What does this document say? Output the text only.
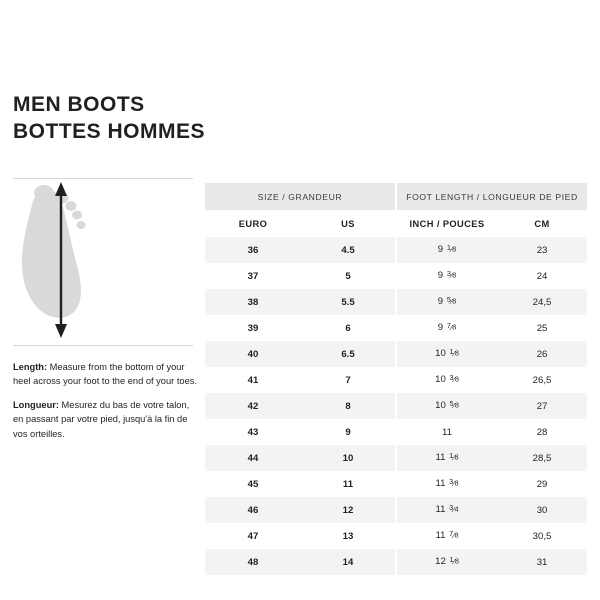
MEN BOOTS
BOTTES HOMMES

Length: Measure from the bottom of your heel across your foot to the end of your toes.

Longueur: Mesurez du bas de votre talon, en passant par votre pied, jusqu'à la fin de vos orteilles.

SIZE / GRANDEUR		FOOT LENGTH / LONGUEUR DE PIED	
EURO	US	INCH / POUCES	CM
36	4.5	9 $^1⁄_8$	23
37	5	9 $^3⁄_8$	24
38	5.5	9 $^5⁄_8$	24,5
39	6	9 $^7⁄_8$	25
40	6.5	10 $^1⁄_8$	26
41	7	10 $^3⁄_8$	26,5
42	8	10 $^5⁄_8$	27
43	9	11	28
44	10	11 $^1⁄_8$	28,5
45	11	11 $^3⁄_8$	29
46	12	11 $^3⁄_4$	30
47	13	11 $^7⁄_8$	30,5
48	14	12 $^1⁄_8$	31
